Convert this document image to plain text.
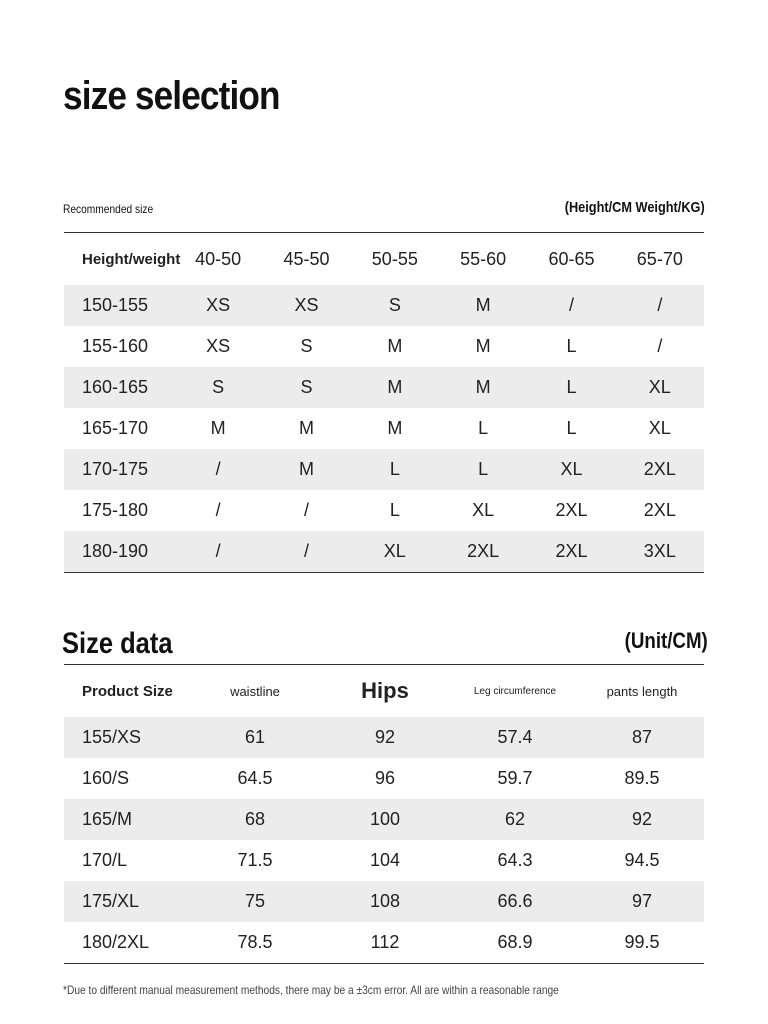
size selection
Recommended size	(Height/CM Weight/KG)
Height/weight	40-50	45-50	50-55	55-60	60-65	65-70
150-155	XS	XS	S	M	/	/
155-160	XS	S	M	M	L	/
160-165	S	S	M	M	L	XL
165-170	M	M	M	L	L	XL
170-175	/	M	L	L	XL	2XL
175-180	/	/	L	XL	2XL	2XL
180-190	/	/	XL	2XL	2XL	3XL
Size data	(Unit/CM)
Product Size	waistline	Hips	Leg circumference	pants length
155/XS	61	92	57.4	87
160/S	64.5	96	59.7	89.5
165/M	68	100	62	92
170/L	71.5	104	64.3	94.5
175/XL	75	108	66.6	97
180/2XL	78.5	112	68.9	99.5
*Due to different manual measurement methods, there may be a ±3cm error. All are within a reasonable range
